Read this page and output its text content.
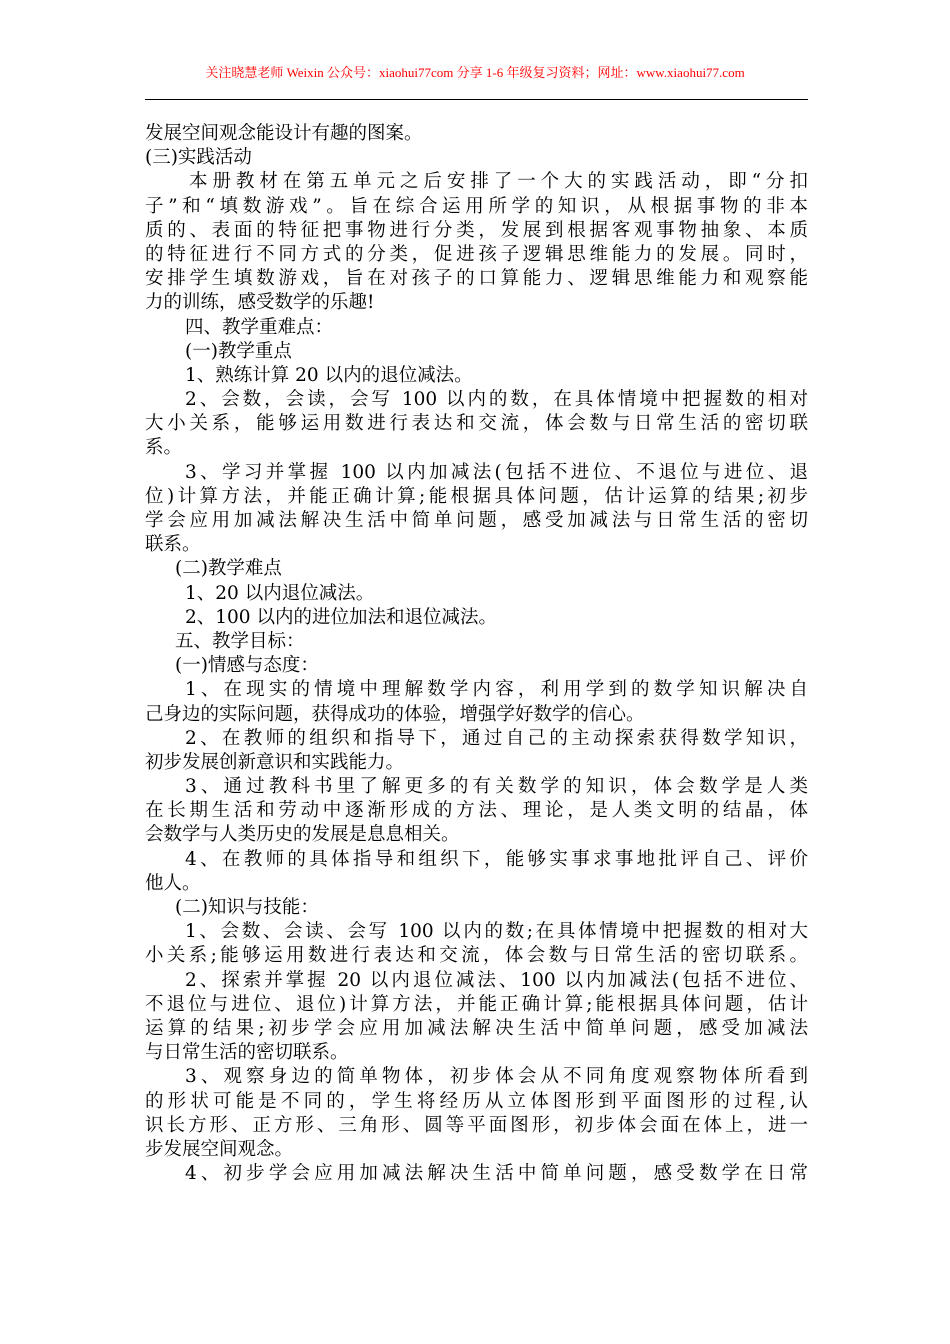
关注晓慧老师 Weixin 公众号：xiaohui77com 分享 1-6 年级复习资料；网址：www.xiaohui77.com
发展空间观念能设计有趣的图案。
(三)实践活动
本册教材在第五单元之后安排了一个大的实践活动，即“分扣
子”和“填数游戏”。旨在综合运用所学的知识，从根据事物的非本
质的、表面的特征把事物进行分类，发展到根据客观事物抽象、本质
的特征进行不同方式的分类，促进孩子逻辑思维能力的发展。同时，
安排学生填数游戏，旨在对孩子的口算能力、逻辑思维能力和观察能
力的训练，感受数学的乐趣!
四、教学重难点：
(一)教学重点
1、熟练计算 20 以内的退位减法。
2、会数，会读，会写 100 以内的数，在具体情境中把握数的相对
大小关系，能够运用数进行表达和交流，体会数与日常生活的密切联
系。
3、学习并掌握 100 以内加减法(包括不进位、不退位与进位、退
位)计算方法，并能正确计算;能根据具体问题，估计运算的结果;初步
学会应用加减法解决生活中简单问题，感受加减法与日常生活的密切
联系。
(二)教学难点
1、20 以内退位减法。
2、100 以内的进位加法和退位减法。
五、教学目标：
(一)情感与态度：
1、在现实的情境中理解数学内容，利用学到的数学知识解决自
己身边的实际问题，获得成功的体验，增强学好数学的信心。
2、在教师的组织和指导下，通过自己的主动探索获得数学知识，
初步发展创新意识和实践能力。
3、通过教科书里了解更多的有关数学的知识，体会数学是人类
在长期生活和劳动中逐渐形成的方法、理论，是人类文明的结晶，体
会数学与人类历史的发展是息息相关。
4、在教师的具体指导和组织下，能够实事求事地批评自己、评价
他人。
(二)知识与技能：
1、会数、会读、会写 100 以内的数;在具体情境中把握数的相对大
小关系;能够运用数进行表达和交流，体会数与日常生活的密切联系。
2、探索并掌握 20 以内退位减法、100 以内加减法(包括不进位、
不退位与进位、退位)计算方法，并能正确计算;能根据具体问题，估计
运算的结果;初步学会应用加减法解决生活中简单问题，感受加减法
与日常生活的密切联系。
3、观察身边的简单物体，初步体会从不同角度观察物体所看到
的形状可能是不同的，学生将经历从立体图形到平面图形的过程,认
识长方形、正方形、三角形、圆等平面图形，初步体会面在体上，进一
步发展空间观念。
4、初步学会应用加减法解决生活中简单问题，感受数学在日常
